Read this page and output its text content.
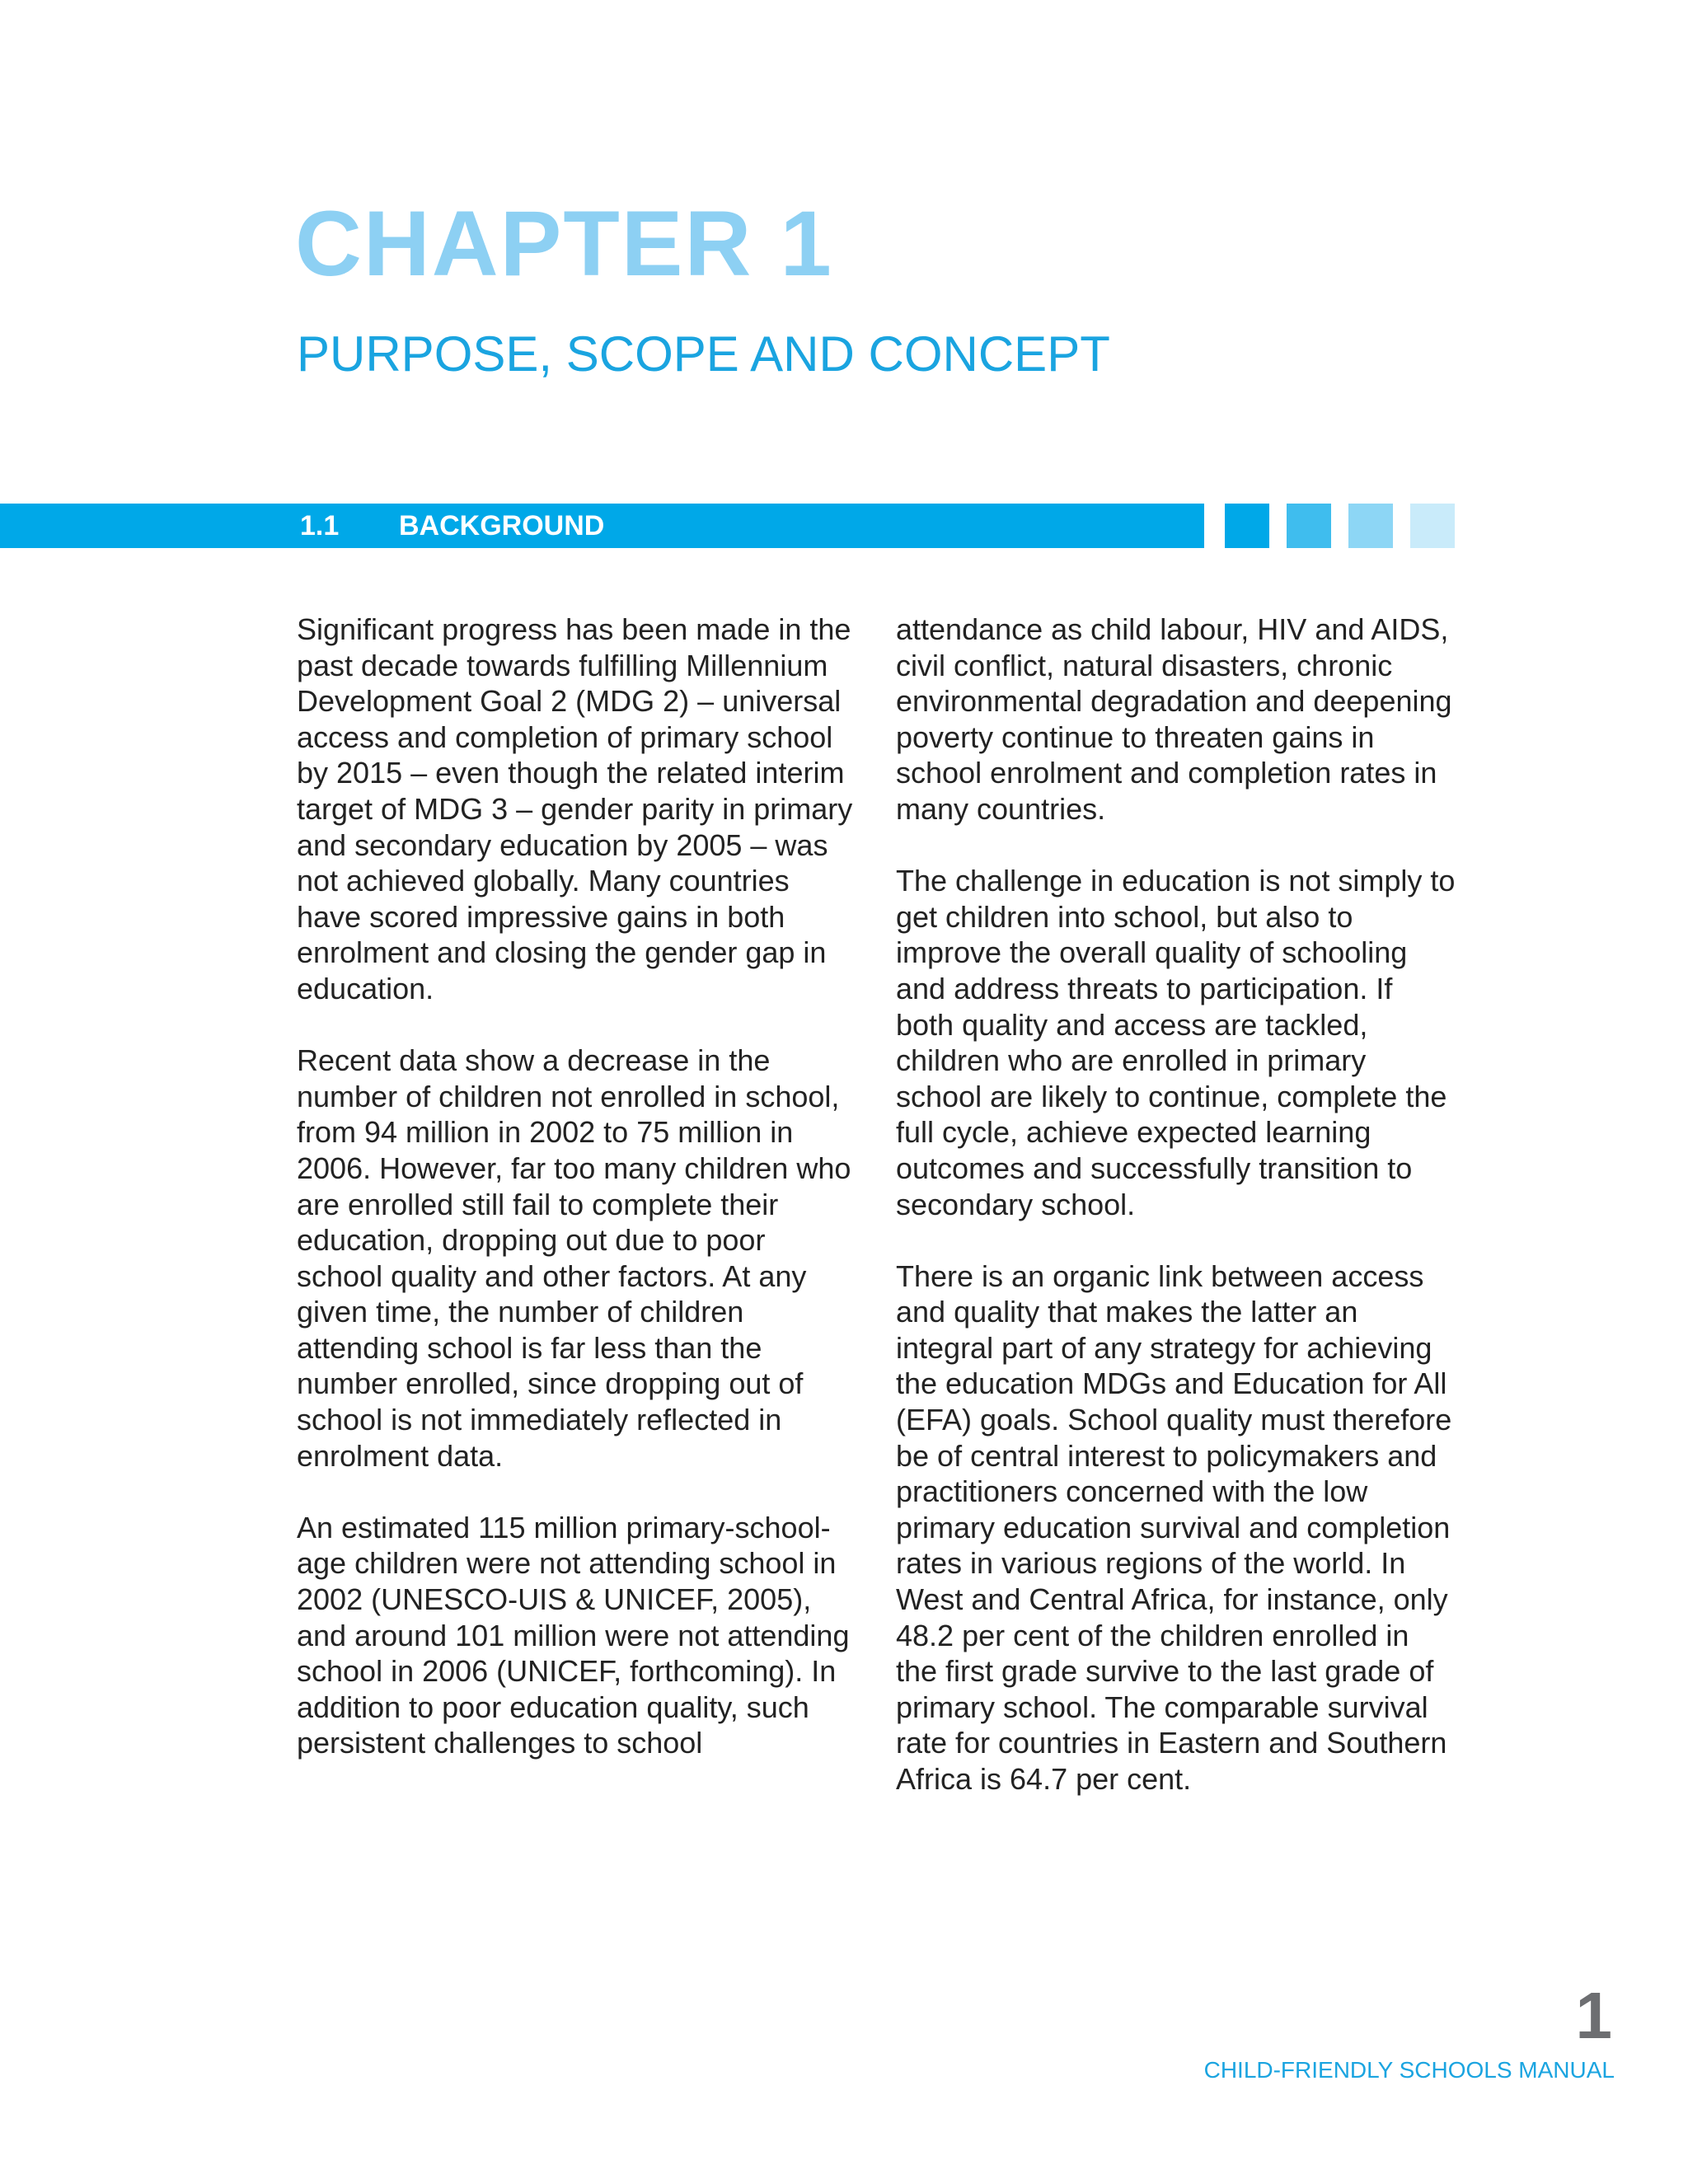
CHAPTER 1
PURPOSE, SCOPE AND CONCEPT
1.1 BACKGROUND

Significant progress has been made in the past decade towards fulfilling Millennium Development Goal 2 (MDG 2) – universal access and completion of primary school by 2015 – even though the related interim target of MDG 3 – gender parity in primary and secondary education by 2005 – was not achieved globally. Many countries have scored impressive gains in both enrolment and closing the gender gap in education.

Recent data show a decrease in the number of children not enrolled in school, from 94 million in 2002 to 75 million in 2006. However, far too many children who are enrolled still fail to complete their education, dropping out due to poor school quality and other factors. At any given time, the number of children attending school is far less than the number enrolled, since dropping out of school is not immediately reflected in enrolment data.

An estimated 115 million primary-school-age children were not attending school in 2002 (UNESCO-UIS & UNICEF, 2005), and around 101 million were not attending school in 2006 (UNICEF, forthcoming). In addition to poor education quality, such persistent challenges to school

attendance as child labour, HIV and AIDS, civil conflict, natural disasters, chronic environmental degradation and deepening poverty continue to threaten gains in school enrolment and completion rates in many countries.

The challenge in education is not simply to get children into school, but also to improve the overall quality of schooling and address threats to participation. If both quality and access are tackled, children who are enrolled in primary school are likely to continue, complete the full cycle, achieve expected learning outcomes and successfully transition to secondary school.

There is an organic link between access and quality that makes the latter an integral part of any strategy for achieving the education MDGs and Education for All (EFA) goals. School quality must therefore be of central interest to policymakers and practitioners concerned with the low primary education survival and completion rates in various regions of the world. In West and Central Africa, for instance, only 48.2 per cent of the children enrolled in the first grade survive to the last grade of primary school. The comparable survival rate for countries in Eastern and Southern Africa is 64.7 per cent.

1
CHILD-FRIENDLY SCHOOLS MANUAL
